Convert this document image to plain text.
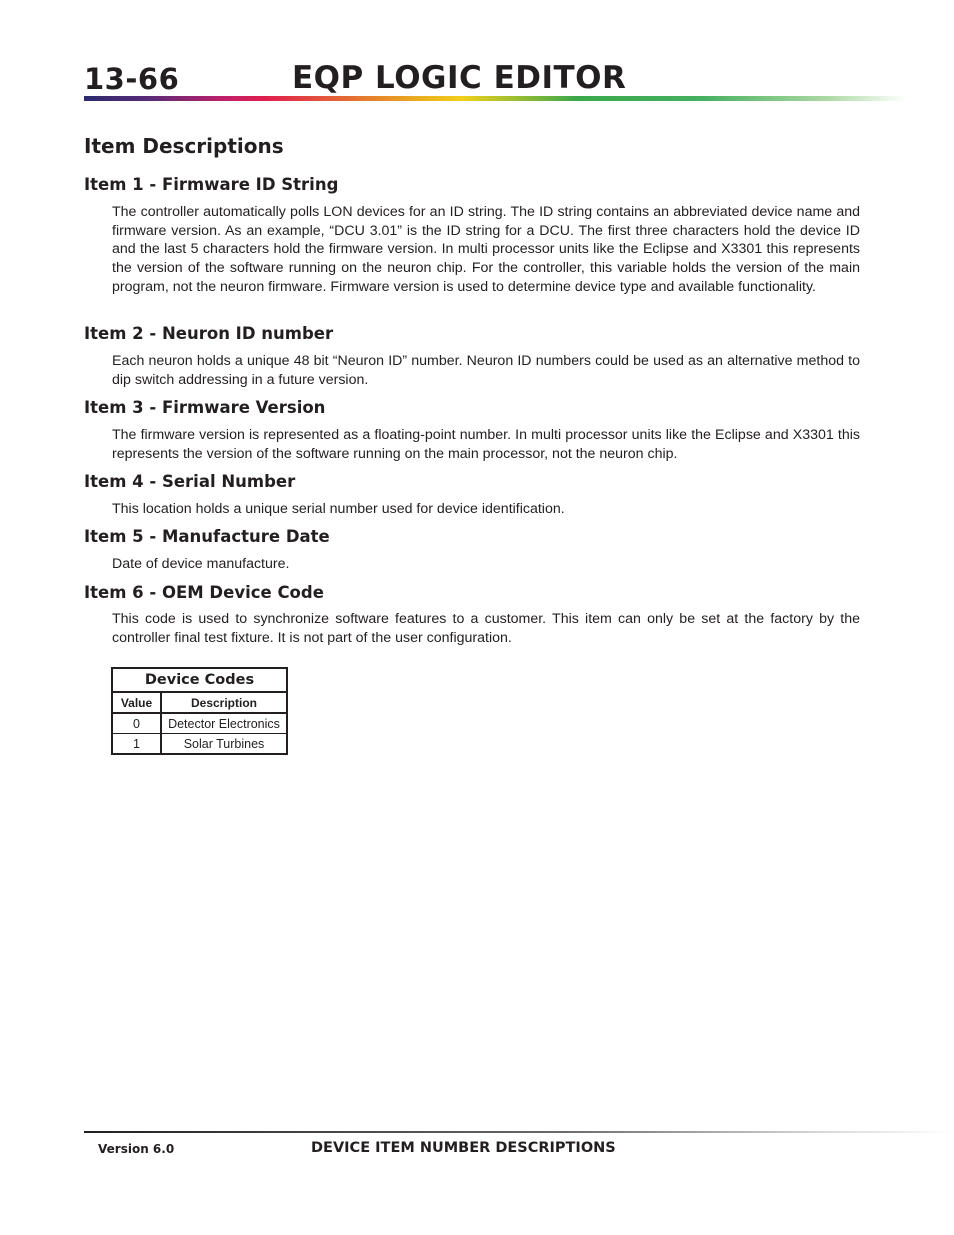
13-66	EQP LOGIC EDITOR
Item Descriptions
Item 1 - Firmware ID String

The controller automatically polls LON devices for an ID string. The ID string contains an abbreviated device name and firmware version. As an example, “DCU 3.01” is the ID string for a DCU. The first three characters hold the device ID and the last 5 characters hold the firmware version. In multi processor units like the Eclipse and X3301 this represents the version of the software running on the neuron chip. For the controller, this variable holds the version of the main program, not the neuron firmware. Firmware version is used to determine device type and available functionality.

Item 2 - Neuron ID number

Each neuron holds a unique 48 bit “Neuron ID” number. Neuron ID numbers could be used as an alternative method to dip switch addressing in a future version.

Item 3 - Firmware Version

The firmware version is represented as a floating-point number. In multi processor units like the Eclipse and X3301 this represents the version of the software running on the main processor, not the neuron chip.

Item 4 - Serial Number

This location holds a unique serial number used for device identification.

Item 5 - Manufacture Date

Date of device manufacture.

Item 6 - OEM Device Code

This code is used to synchronize software features to a customer. This item can only be set at the factory by the controller final test fixture. It is not part of the user configuration.

Device Codes	
Value	Description
0	Detector Electronics
1	Solar Turbines
Version 6.0	DEVICE ITEM NUMBER DESCRIPTIONS
